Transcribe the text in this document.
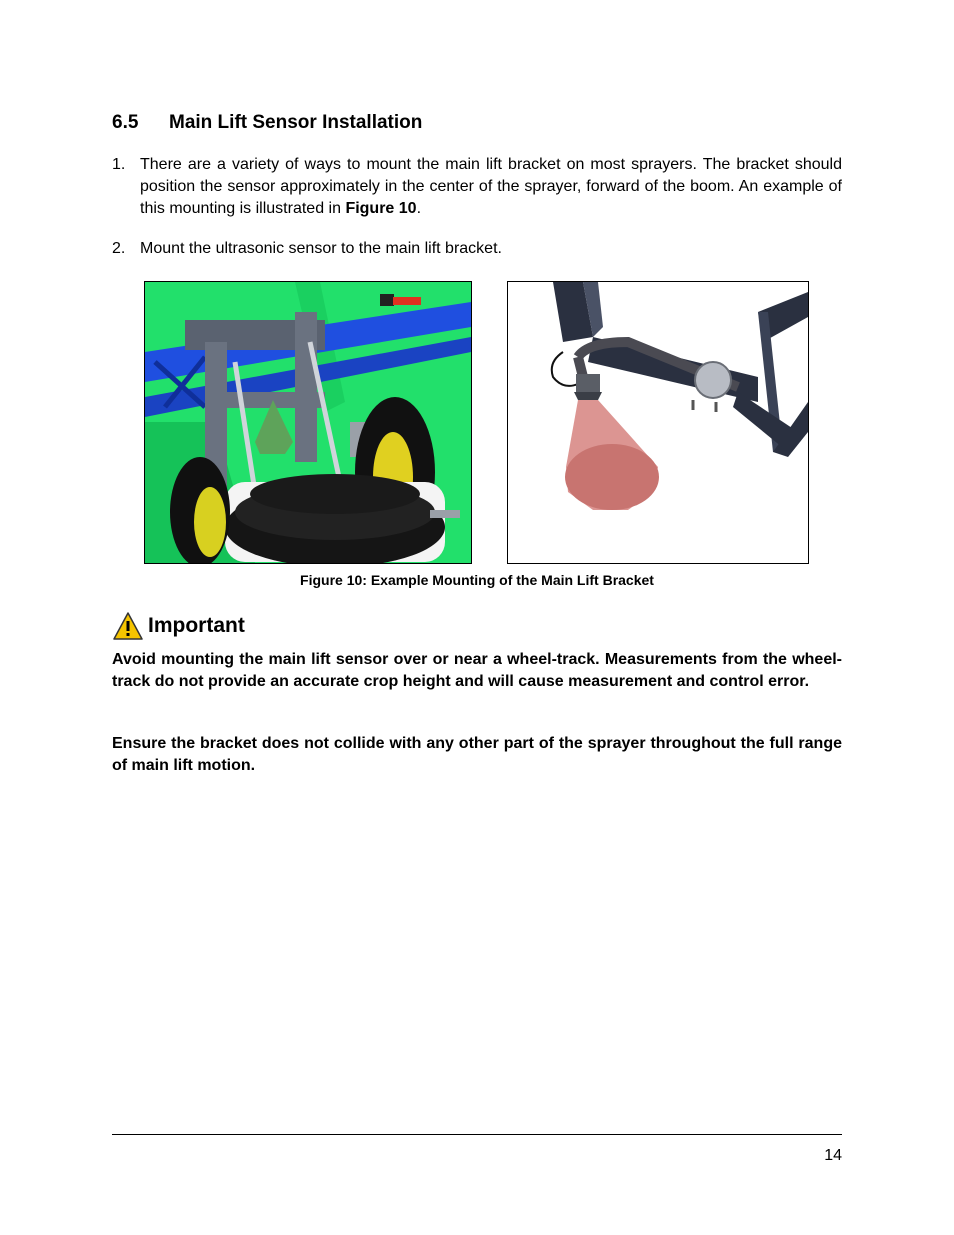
6.5 Main Lift Sensor Installation
1. There are a variety of ways to mount the main lift bracket on most sprayers. The bracket should position the sensor approximately in the center of the sprayer, forward of the boom. An example of this mounting is illustrated in Figure 10.
2. Mount the ultrasonic sensor to the main lift bracket.
Figure 10: Example Mounting of the Main Lift Bracket
Important
Avoid mounting the main lift sensor over or near a wheel-track. Measurements from the wheel-track do not provide an accurate crop height and will cause measurement and control error.
Ensure the bracket does not collide with any other part of the sprayer throughout the full range of main lift motion.
14
